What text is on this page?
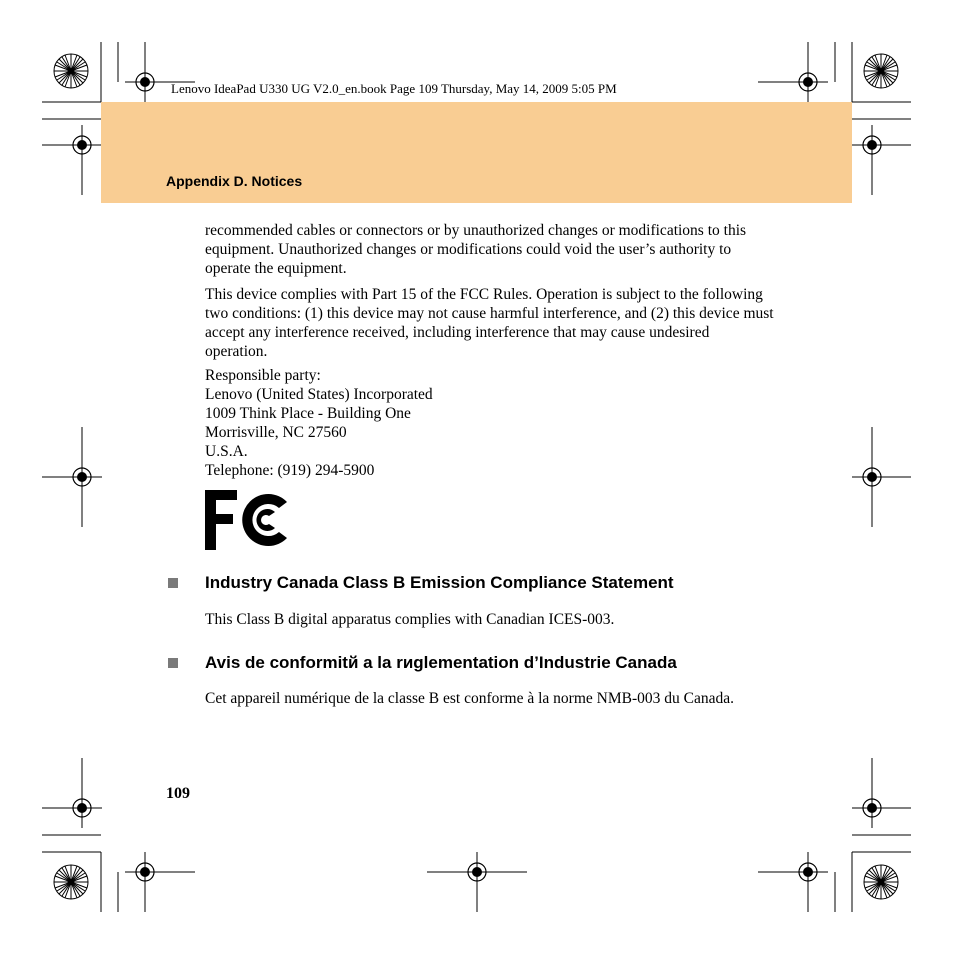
Lenovo IdeaPad U330 UG V2.0_en.book Page 109 Thursday, May 14, 2009 5:05 PM
Appendix D. Notices

recommended cables or connectors or by unauthorized changes or modifications to this equipment. Unauthorized changes or modifications could void the user’s authority to operate the equipment.

This device complies with Part 15 of the FCC Rules. Operation is subject to the following two conditions: (1) this device may not cause harmful interference, and (2) this device must accept any interference received, including interference that may cause undesired operation.

Responsible party:
Lenovo (United States) Incorporated
1009 Think Place - Building One
Morrisville, NC 27560
U.S.A.
Telephone: (919) 294-5900
Industry Canada Class B Emission Compliance Statement

This Class B digital apparatus complies with Canadian ICES-003.

Avis de conformitй a la rиglementation d’Industrie Canada

Cet appareil numérique de la classe B est conforme à la norme NMB-003 du Canada.

109
